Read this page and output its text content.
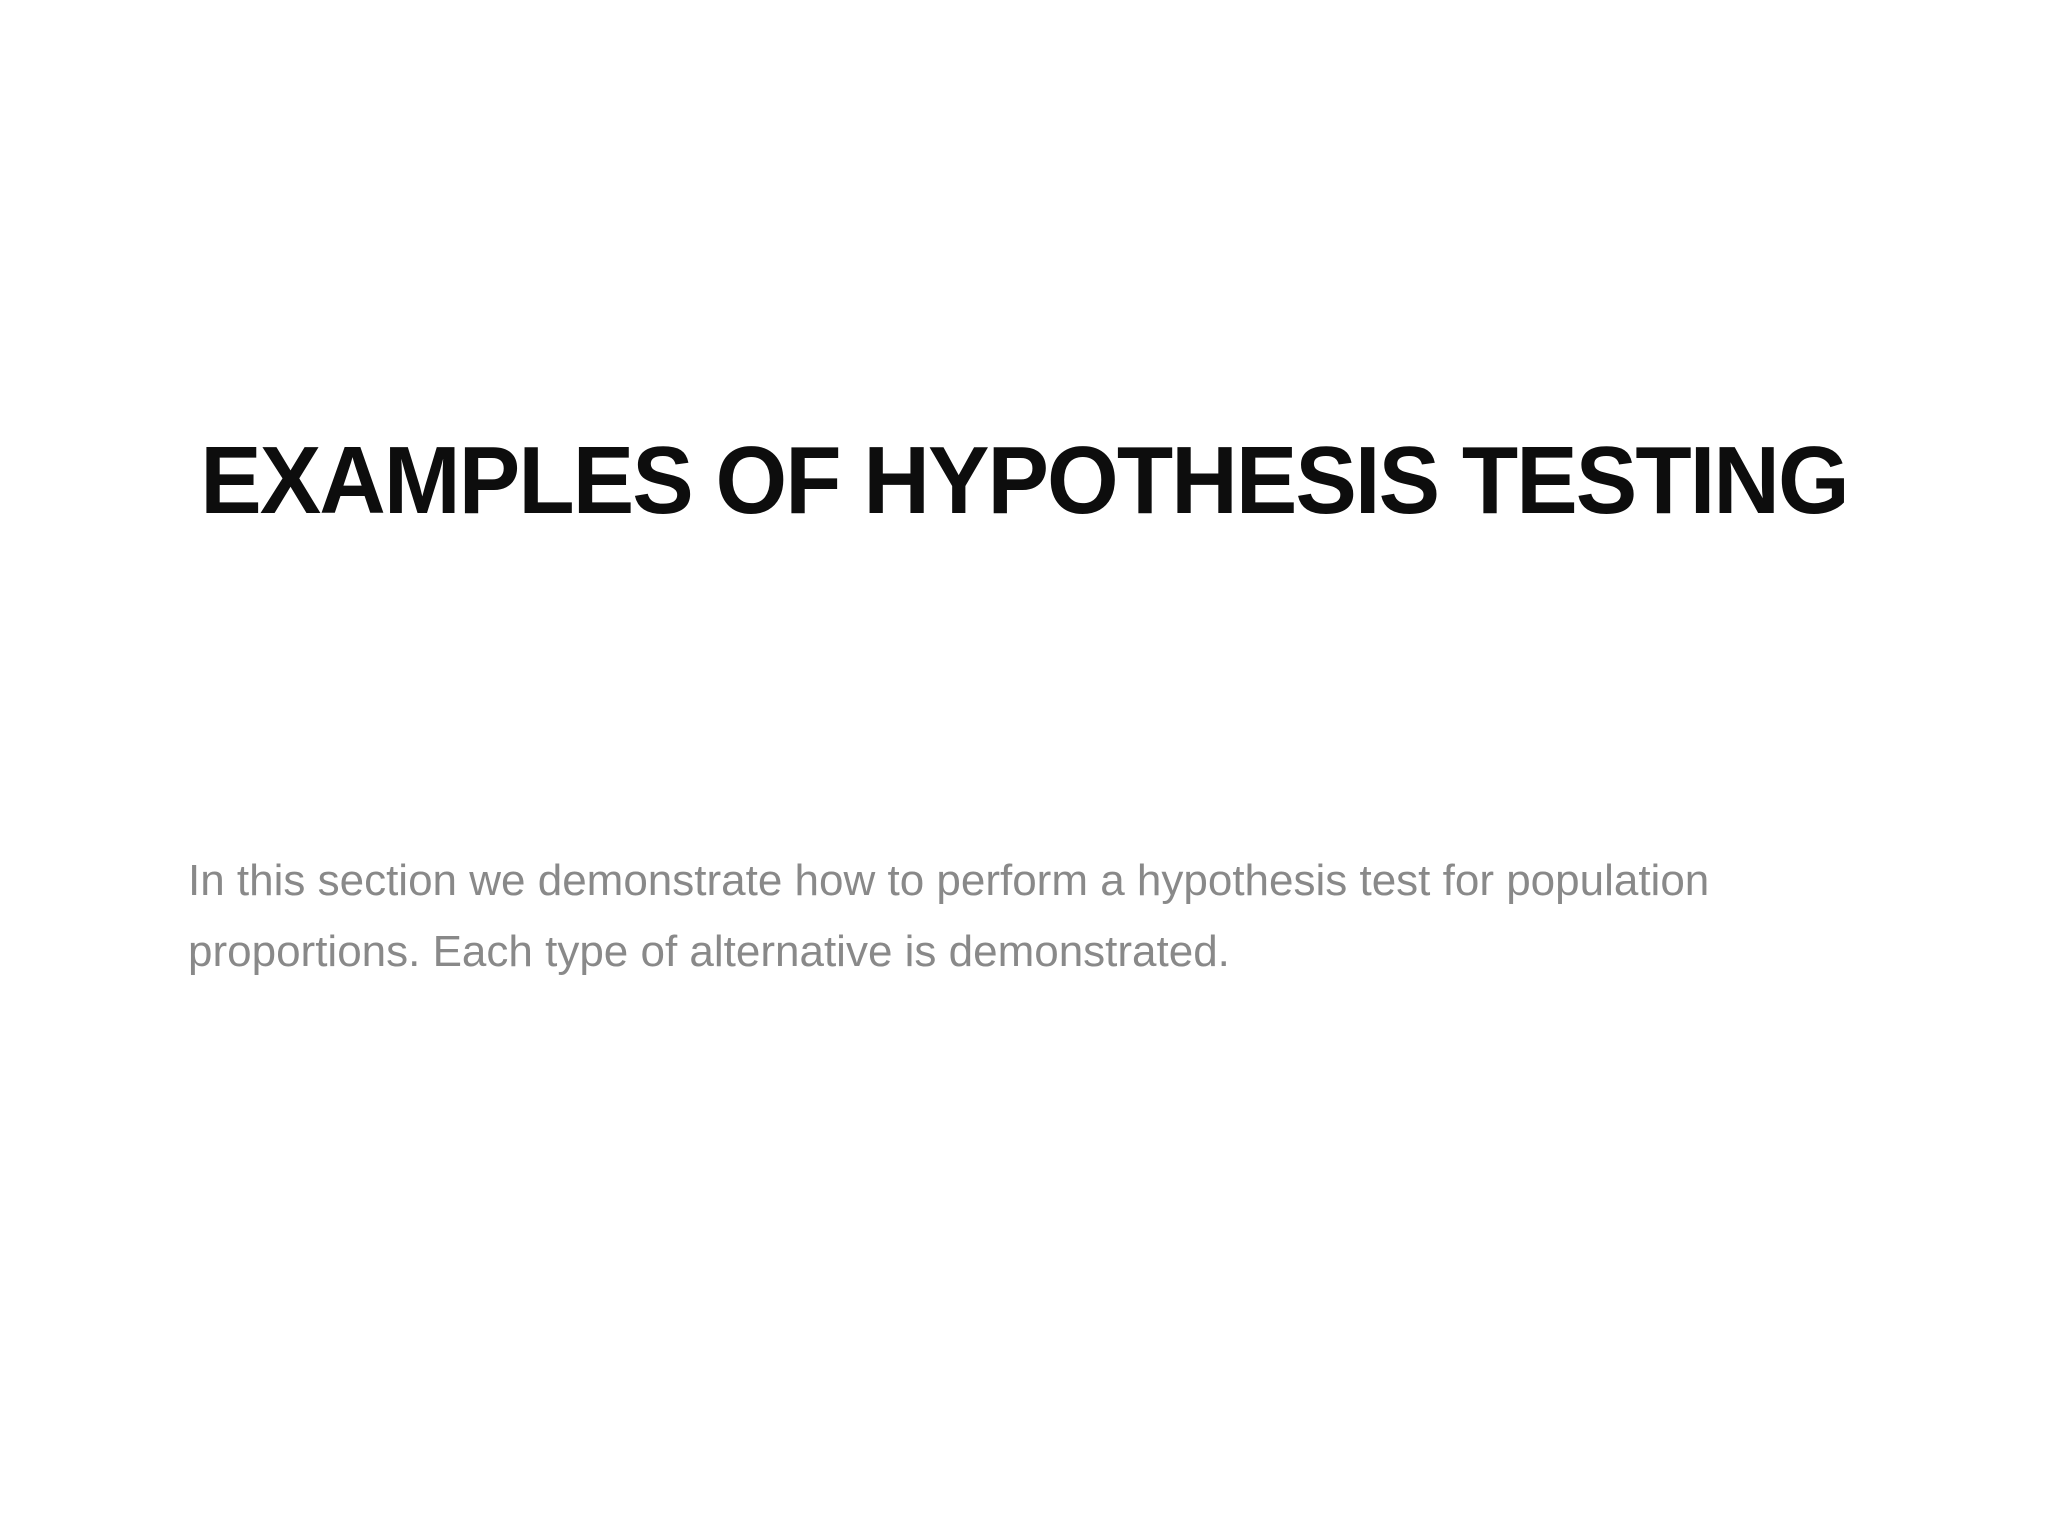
EXAMPLES OF HYPOTHESIS TESTING

In this section we demonstrate how to perform a hypothesis test for population proportions. Each type of alternative is demonstrated.
